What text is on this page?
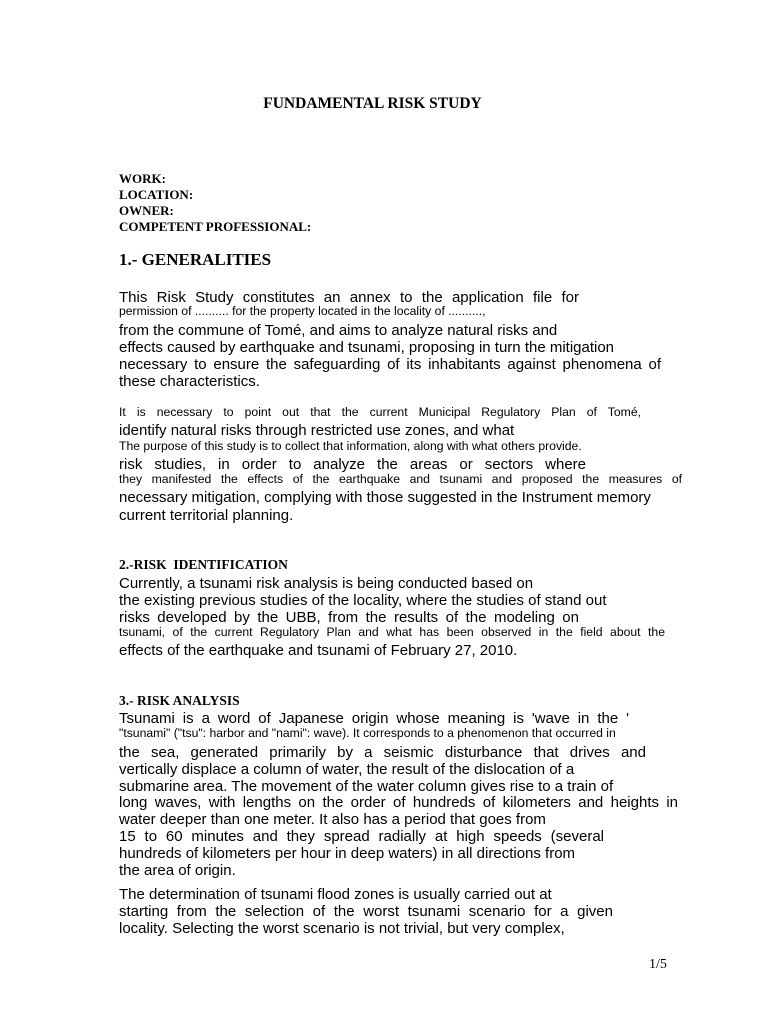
FUNDAMENTAL RISK STUDY
WORK:
LOCATION:
OWNER:
COMPETENT PROFESSIONAL:
1.- GENERALITIES
This Risk Study constitutes an annex to the application file for
permission of .......... for the property located in the locality of ..........,
from the commune of Tomé, and aims to analyze natural risks and
effects caused by earthquake and tsunami, proposing in turn the mitigation
necessary to ensure the safeguarding of its inhabitants against phenomena of
these characteristics.
It is necessary to point out that the current Municipal Regulatory Plan of Tomé,
identify natural risks through restricted use zones, and what
The purpose of this study is to collect that information, along with what others provide.
risk studies, in order to analyze the areas or sectors where
they manifested the effects of the earthquake and tsunami and proposed the measures of
necessary mitigation, complying with those suggested in the Instrument memory
current territorial planning.
2.-RISK  IDENTIFICATION
Currently, a tsunami risk analysis is being conducted based on
the existing previous studies of the locality, where the studies of stand out
risks developed by the UBB, from the results of the modeling on
tsunami, of the current Regulatory Plan and what has been observed in the field about the
effects of the earthquake and tsunami of February 27, 2010.
3.- RISK ANALYSIS
Tsunami is a word of Japanese origin whose meaning is 'wave in the '
"tsunami" ("tsu": harbor and "nami": wave). It corresponds to a phenomenon that occurred in
the sea, generated primarily by a seismic disturbance that drives and
vertically displace a column of water, the result of the dislocation of a
submarine area. The movement of the water column gives rise to a train of
long waves, with lengths on the order of hundreds of kilometers and heights in
water deeper than one meter. It also has a period that goes from
15 to 60 minutes and they spread radially at high speeds (several
hundreds of kilometers per hour in deep waters) in all directions from
the area of origin.
The determination of tsunami flood zones is usually carried out at
starting from the selection of the worst tsunami scenario for a given
locality. Selecting the worst scenario is not trivial, but very complex,
1/5
